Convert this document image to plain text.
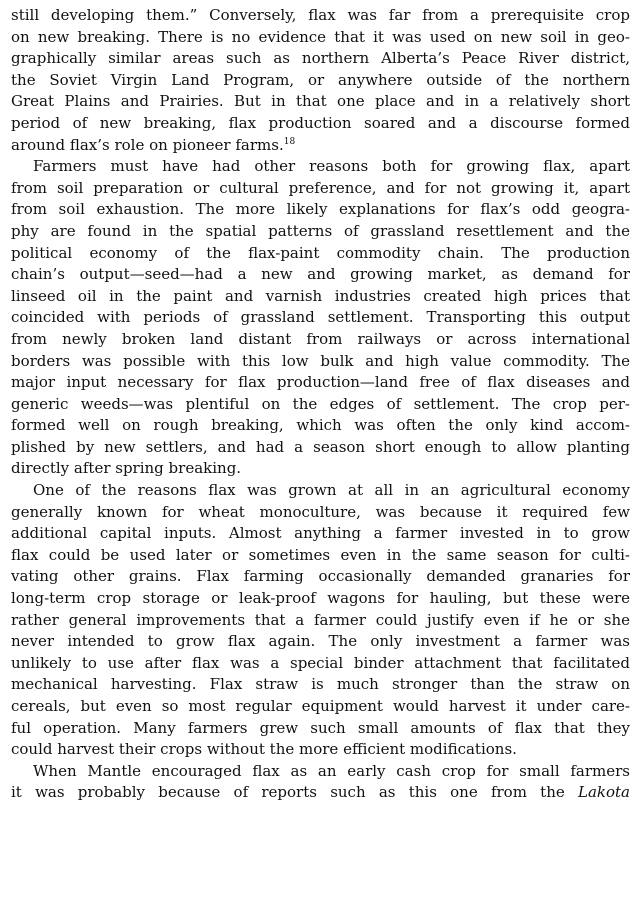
still developing them.” Conversely, flax was far from a prerequisite crop
on new breaking. There is no evidence that it was used on new soil in geo-
graphically similar areas such as northern Alberta’s Peace River district,
the Soviet Virgin Land Program, or anywhere outside of the northern
Great Plains and Prairies. But in that one place and in a relatively short
period of new breaking, flax production soared and a discourse formed
around flax’s role on pioneer farms.$^{18}$
Farmers must have had other reasons both for growing flax, apart
from soil preparation or cultural preference, and for not growing it, apart
from soil exhaustion. The more likely explanations for flax’s odd geogra-
phy are found in the spatial patterns of grassland resettlement and the
political economy of the flax-paint commodity chain. The production
chain’s output—seed—had a new and growing market, as demand for
linseed oil in the paint and varnish industries created high prices that
coincided with periods of grassland settlement. Transporting this output
from newly broken land distant from railways or across international
borders was possible with this low bulk and high value commodity. The
major input necessary for flax production—land free of flax diseases and
generic weeds—was plentiful on the edges of settlement. The crop per-
formed well on rough breaking, which was often the only kind accom-
plished by new settlers, and had a season short enough to allow planting
directly after spring breaking.
One of the reasons flax was grown at all in an agricultural economy
generally known for wheat monoculture, was because it required few
additional capital inputs. Almost anything a farmer invested in to grow
flax could be used later or sometimes even in the same season for culti-
vating other grains. Flax farming occasionally demanded granaries for
long-term crop storage or leak-proof wagons for hauling, but these were
rather general improvements that a farmer could justify even if he or she
never intended to grow flax again. The only investment a farmer was
unlikely to use after flax was a special binder attachment that facilitated
mechanical harvesting. Flax straw is much stronger than the straw on
cereals, but even so most regular equipment would harvest it under care-
ful operation. Many farmers grew such small amounts of flax that they
could harvest their crops without the more efficient modifications.
When Mantle encouraged flax as an early cash crop for small farmers
it was probably because of reports such as this one from the Lakota
